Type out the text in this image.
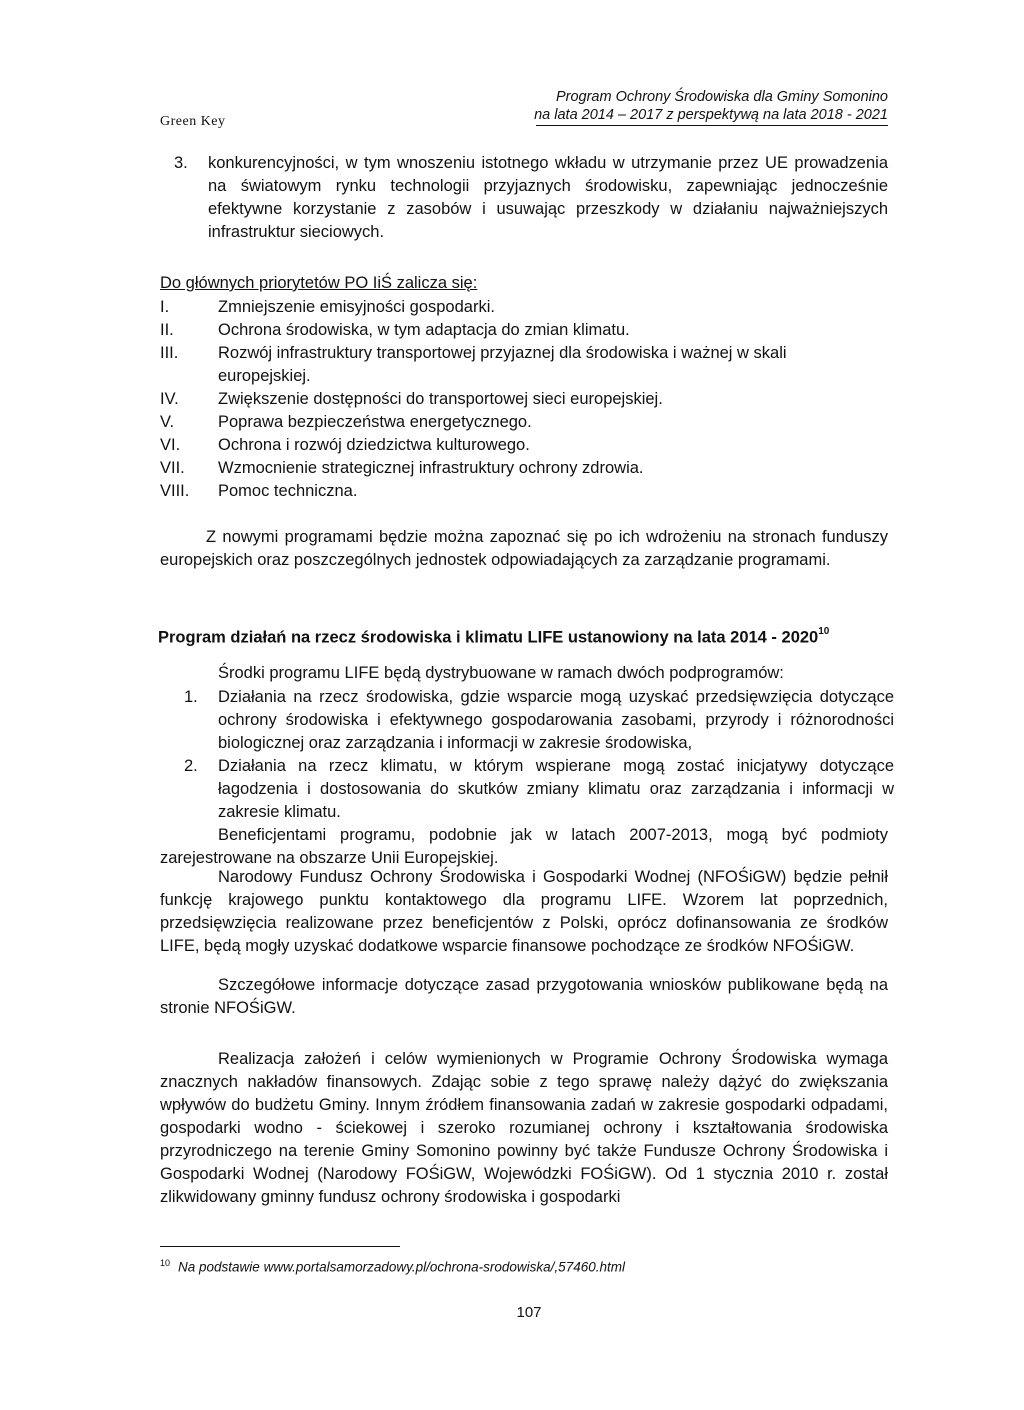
Green Key
Program Ochrony Środowiska dla Gminy Somonino
na lata 2014 – 2017 z perspektywą na lata 2018 - 2021
3.	konkurencyjności, w tym wnoszeniu istotnego wkładu w utrzymanie przez UE prowadzenia na światowym rynku technologii przyjaznych środowisku, zapewniając jednocześnie efektywne korzystanie z zasobów i usuwając przeszkody w działaniu najważniejszych infrastruktur sieciowych.
Do głównych priorytetów PO IiŚ zalicza się:
I.	Zmniejszenie emisyjności gospodarki.
II.	Ochrona środowiska, w tym adaptacja do zmian klimatu.
III.	Rozwój infrastruktury transportowej przyjaznej dla środowiska i ważnej w skali europejskiej.
IV.	Zwiększenie dostępności do transportowej sieci europejskiej.
V.	Poprawa bezpieczeństwa energetycznego.
VI.	Ochrona i rozwój dziedzictwa kulturowego.
VII.	Wzmocnienie strategicznej infrastruktury ochrony zdrowia.
VIII.	Pomoc techniczna.
Z nowymi programami będzie można zapoznać się po ich wdrożeniu na stronach funduszy europejskich oraz poszczególnych jednostek odpowiadających za zarządzanie programami.
Program działań na rzecz środowiska i klimatu LIFE ustanowiony na lata 2014 - 2020$^{10}$
Środki programu LIFE będą dystrybuowane w ramach dwóch podprogramów:
1.	Działania na rzecz środowiska, gdzie wsparcie mogą uzyskać przedsięwzięcia dotyczące ochrony środowiska i efektywnego gospodarowania zasobami, przyrody i różnorodności biologicznej oraz zarządzania i informacji w zakresie środowiska,
2.	Działania na rzecz klimatu, w którym wspierane mogą zostać inicjatywy dotyczące łagodzenia i dostosowania do skutków zmiany klimatu oraz zarządzania i informacji w zakresie klimatu.
Beneficjentami programu, podobnie jak w latach 2007-2013, mogą być podmioty zarejestrowane na obszarze Unii Europejskiej.
Narodowy Fundusz Ochrony Środowiska i Gospodarki Wodnej (NFOŚiGW) będzie pełnił funkcję krajowego punktu kontaktowego dla programu LIFE. Wzorem lat poprzednich, przedsięwzięcia realizowane przez beneficjentów z Polski, oprócz dofinansowania ze środków LIFE, będą mogły uzyskać dodatkowe wsparcie finansowe pochodzące ze środków NFOŚiGW.
Szczegółowe informacje dotyczące zasad przygotowania wniosków publikowane będą na stronie NFOŚiGW.
Realizacja założeń i celów wymienionych w Programie Ochrony Środowiska wymaga znacznych nakładów finansowych. Zdając sobie z tego sprawę należy dążyć do zwiększania wpływów do budżetu Gminy. Innym źródłem finansowania zadań w zakresie gospodarki odpadami, gospodarki wodno - ściekowej i szeroko rozumianej ochrony i kształtowania środowiska przyrodniczego na terenie Gminy Somonino powinny być także Fundusze Ochrony Środowiska i Gospodarki Wodnej (Narodowy FOŚiGW, Wojewódzki FOŚiGW). Od 1 stycznia 2010 r. został zlikwidowany gminny fundusz ochrony środowiska i gospodarki
$^{10}$ Na podstawie www.portalsamorzadowy.pl/ochrona-srodowiska/,57460.html
107
